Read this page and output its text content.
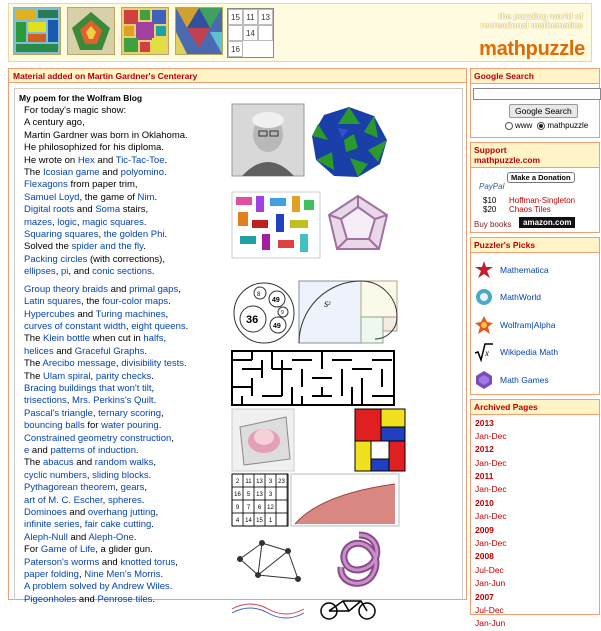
15 11 13
14
16
the puzzling world of
recreational mathematics
mathpuzzle
Material added on Martin Gardner's Centerary
My poem for the Wolfram Blog
For today's magic show:
A century ago,
Martin Gardner was born in Oklahoma.
He philosophized for his diploma.
He wrote on Hex and Tic-Tac-Toe.
The Icosian game and polyomino.
Flexagons from paper trim,
Samuel Loyd, the game of Nim.
Digital roots and Soma stairs,
mazes, logic, magic squares.
Squaring squares, the golden Phi.
Solved the spider and the fly.
Packing circles (with corrections),
ellipses, pi, and conic sections.
Group theory braids and primal gaps,
Latin squares, the four-color maps.
Hypercubes and Turing machines,
curves of constant width, eight queens.
The Klein bottle when cut in halfs,
helices and Graceful Graphs.
The Arecibo message, divisibility tests.
The Ulam spiral, parity checks.
Bracing buildings that won't tilt,
trisections, Mrs. Perkins's Quilt.
Pascal's triangle, ternary scoring,
bouncing balls for water pouring.
Constrained geometry construction,
e and patterns of induction.
The abacus and random walks,
cyclic numbers, sliding blocks.
Pythagorean theorem, gears,
art of M. C. Escher, spheres.
Dominoes and overhang jutting,
infinite series, fair cake cutting.
Aleph-Null and Aleph-One.
For Game of Life, a glider gun.
Paterson's worms and knotted torus,
paper folding, Nine Men's Morris.
A problem solved by Andrew Wiles.
Pigeonholes and Penrose tiles.
36
49
49
8
9
S²
2 11 13 3 23
16 5 13 3
9 7 6 12
4 14 15 1
Google Search
Google Search
www mathpuzzle
Support
mathpuzzle.com
Make a Donation
PayPal
$10
$20
Hoffman-Singleton Chaos Tiles
Buy books	amazon.com
Puzzler's Picks
Mathematica
MathWorld
Wolfram|Alpha
x Wikipedia Math
Math Games
Archived Pages
2013
Jan-Dec
2012
Jan-Dec
2011
Jan-Dec
2010
Jan-Dec
2009
Jan-Dec
2008
Jul-Dec
Jan-Jun
2007
Jul-Dec
Jan-Jun
